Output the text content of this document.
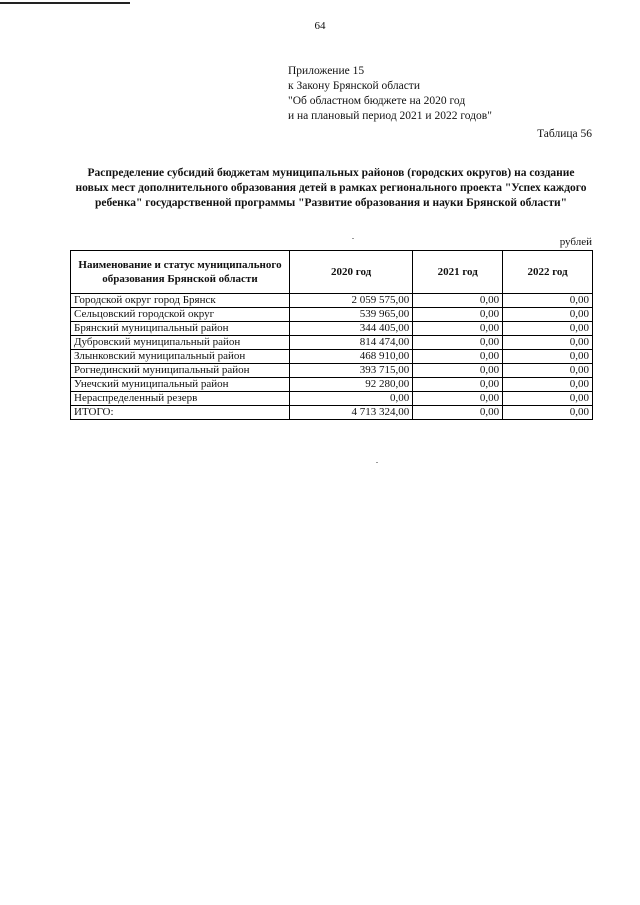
64
Приложение 15
к Закону Брянской области
"Об областном бюджете на 2020 год
и на плановый период 2021 и 2022 годов"
Таблица 56
Распределение субсидий бюджетам муниципальных районов (городских округов) на создание новых мест дополнительного образования детей в рамках регионального проекта "Успех каждого ребенка" государственной программы "Развитие образования и науки Брянской области"
рублей
Наименование и статус муниципального образования Брянской области	2020 год	2021 год	2022 год
Городской округ город Брянск	2 059 575,00	0,00	0,00
Сельцовский городской округ	539 965,00	0,00	0,00
Брянский муниципальный район	344 405,00	0,00	0,00
Дубровский муниципальный район	814 474,00	0,00	0,00
Злынковский муниципальный район	468 910,00	0,00	0,00
Рогнединский муниципальный район	393 715,00	0,00	0,00
Унечский муниципальный район	92 280,00	0,00	0,00
Нераспределенный резерв	0,00	0,00	0,00
ИТОГО:	4 713 324,00	0,00	0,00
